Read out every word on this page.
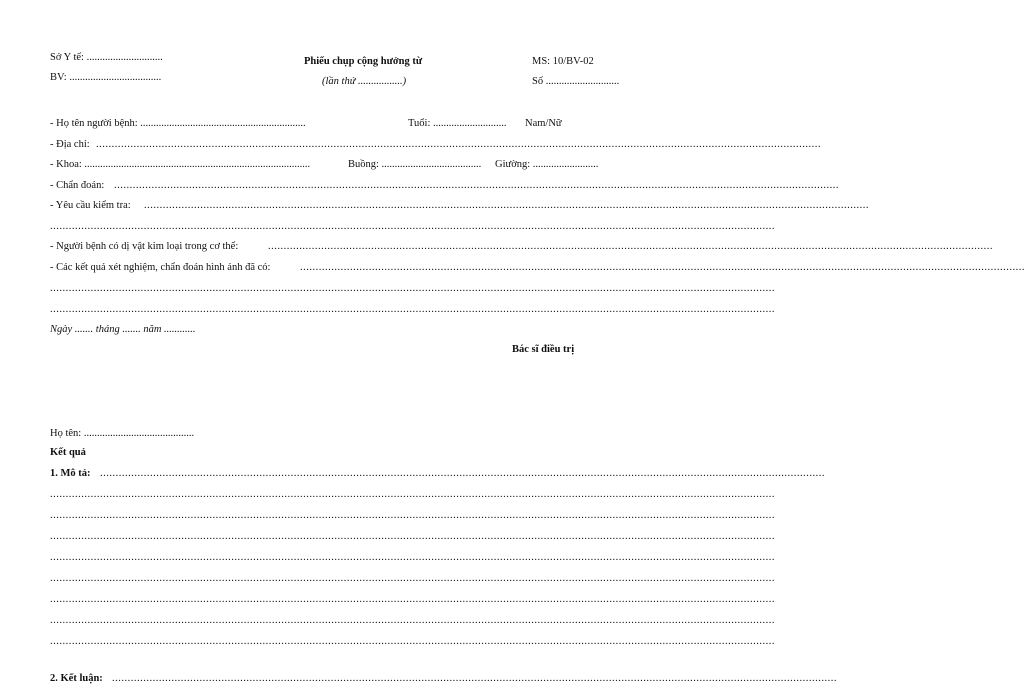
Sở Y tế: .............................
BV: ...................................
Phiếu chụp cộng hưởng từ
(lần thứ .................)
MS: 10/BV-02
Số ............................
- Họ tên người bệnh: ...............................................................	Tuổi: ............................ Nam/Nữ
- Địa chỉ: ........................................................................................................................................................................................................................................
- Khoa: ......................................................................................	Buồng: ...................................... Giường: .........................
- Chẩn đoán: ........................................................................................................................................................................................................................................
- Yêu cầu kiểm tra: ........................................................................................................................................................................................................................................
........................................................................................................................................................................................................................................
- Người bệnh có dị vật kim loại trong cơ thể:	........................................................................................................................................................................................................................................
- Các kết quả xét nghiệm, chẩn đoán hình ảnh đã có:	........................................................................................................................................................................................................................................
........................................................................................................................................................................................................................................
........................................................................................................................................................................................................................................
Ngày ....... tháng ....... năm ............
Bác sĩ điều trị
Họ tên: ..........................................
Kết quả
1. Mô tả: ........................................................................................................................................................................................................................................
........................................................................................................................................................................................................................................
........................................................................................................................................................................................................................................
........................................................................................................................................................................................................................................
........................................................................................................................................................................................................................................
........................................................................................................................................................................................................................................
........................................................................................................................................................................................................................................
........................................................................................................................................................................................................................................
........................................................................................................................................................................................................................................
2. Kết luận: ........................................................................................................................................................................................................................................
